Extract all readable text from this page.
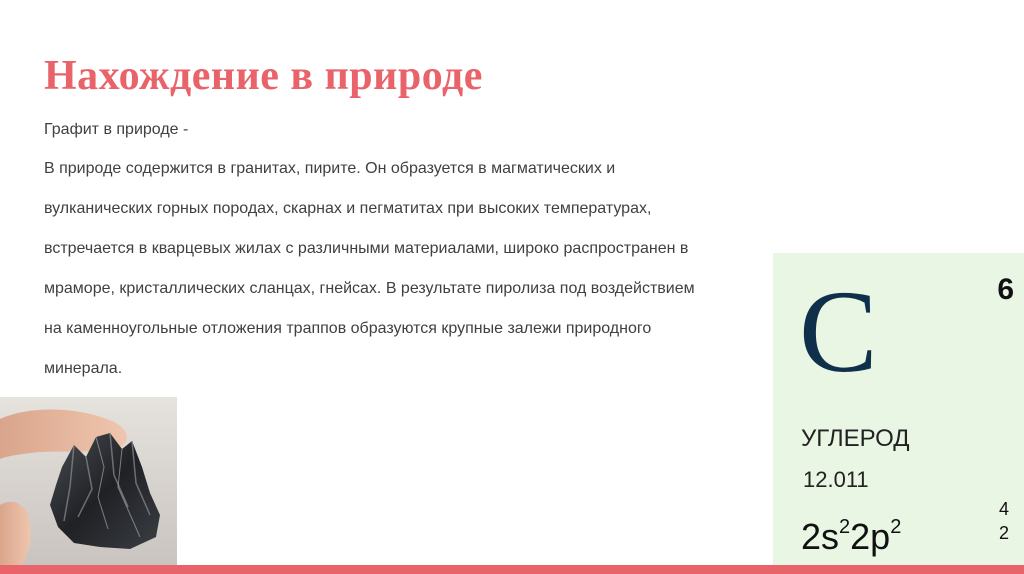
Нахождение в природе
Графит в природе -
В природе содержится в гранитах, пирите. Он образуется в магматических и
вулканических горных породах, скарнах и пегматитах при высоких температурах,
встречается в кварцевых жилах с различными материалами, широко распространен в
мраморе, кристаллических сланцах, гнейсах. В результате пиролиза под воздействием
на каменноугольные отложения траппов образуются крупные залежи природного
минерала.	C	6
УГЛЕРОД
12.011
$2s^22p^2$
4
2
